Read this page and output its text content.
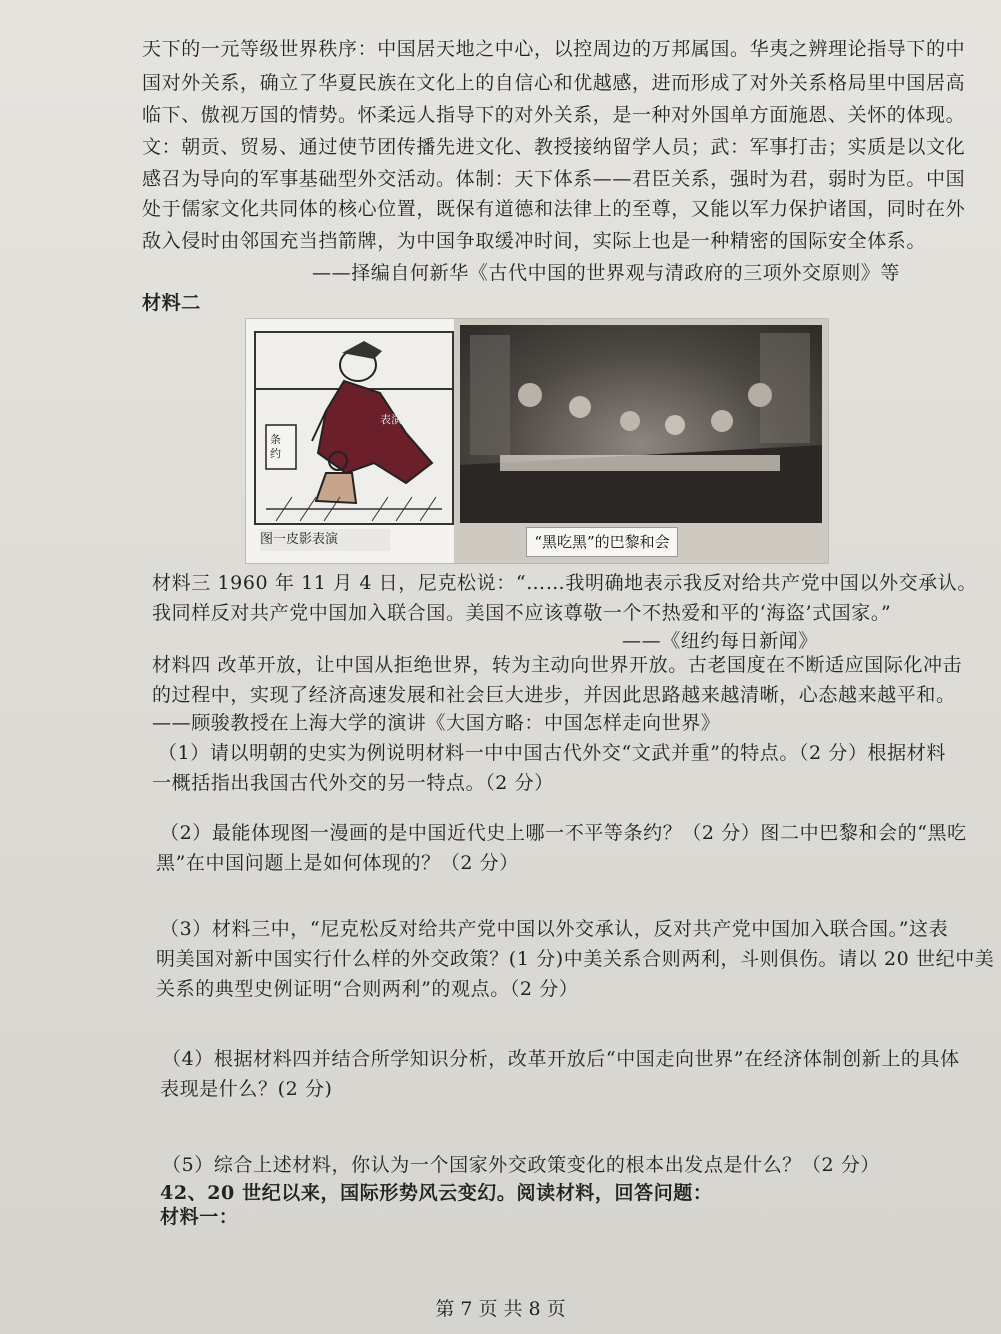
天下的一元等级世界秩序：中国居天地之中心，以控周边的万邦属国。华夷之辨理论指导下的中
国对外关系，确立了华夏民族在文化上的自信心和优越感，进而形成了对外关系格局里中国居高
临下、傲视万国的情势。怀柔远人指导下的对外关系，是一种对外国单方面施恩、关怀的体现。
文：朝贡、贸易、通过使节团传播先进文化、教授接纳留学人员；武：军事打击；实质是以文化
感召为导向的军事基础型外交活动。体制：天下体系——君臣关系，强时为君，弱时为臣。中国
处于儒家文化共同体的核心位置，既保有道德和法律上的至尊，又能以军力保护诸国，同时在外
敌入侵时由邻国充当挡箭牌，为中国争取缓冲时间，实际上也是一种精密的国际安全体系。
——择编自何新华《古代中国的世界观与清政府的三项外交原则》等
材料二
条约
表演
图一皮影表演	“黑吃黑”的巴黎和会
材料三 1960 年 11 月 4 日，尼克松说：“……我明确地表示我反对给共产党中国以外交承认。
我同样反对共产党中国加入联合国。美国不应该尊敬一个不热爱和平的‘海盗’式国家。”
——《纽约每日新闻》
材料四 改革开放，让中国从拒绝世界，转为主动向世界开放。古老国度在不断适应国际化冲击
的过程中，实现了经济高速发展和社会巨大进步，并因此思路越来越清晰，心态越来越平和。
——顾骏教授在上海大学的演讲《大国方略：中国怎样走向世界》
（1）请以明朝的史实为例说明材料一中中国古代外交“文武并重”的特点。（2 分）根据材料
一概括指出我国古代外交的另一特点。（2 分）
（2）最能体现图一漫画的是中国近代史上哪一不平等条约？（2 分）图二中巴黎和会的“黑吃
黑”在中国问题上是如何体现的？（2 分）
（3）材料三中，“尼克松反对给共产党中国以外交承认，反对共产党中国加入联合国。”这表
明美国对新中国实行什么样的外交政策？(1 分)中美关系合则两利，斗则俱伤。请以 20 世纪中美
关系的典型史例证明“合则两利”的观点。（2 分）
（4）根据材料四并结合所学知识分析，改革开放后“中国走向世界”在经济体制创新上的具体
表现是什么？(2 分)
（5）综合上述材料，你认为一个国家外交政策变化的根本出发点是什么？（2 分）
42、20 世纪以来，国际形势风云变幻。阅读材料，回答问题：
材料一：
第 7 页 共 8 页
